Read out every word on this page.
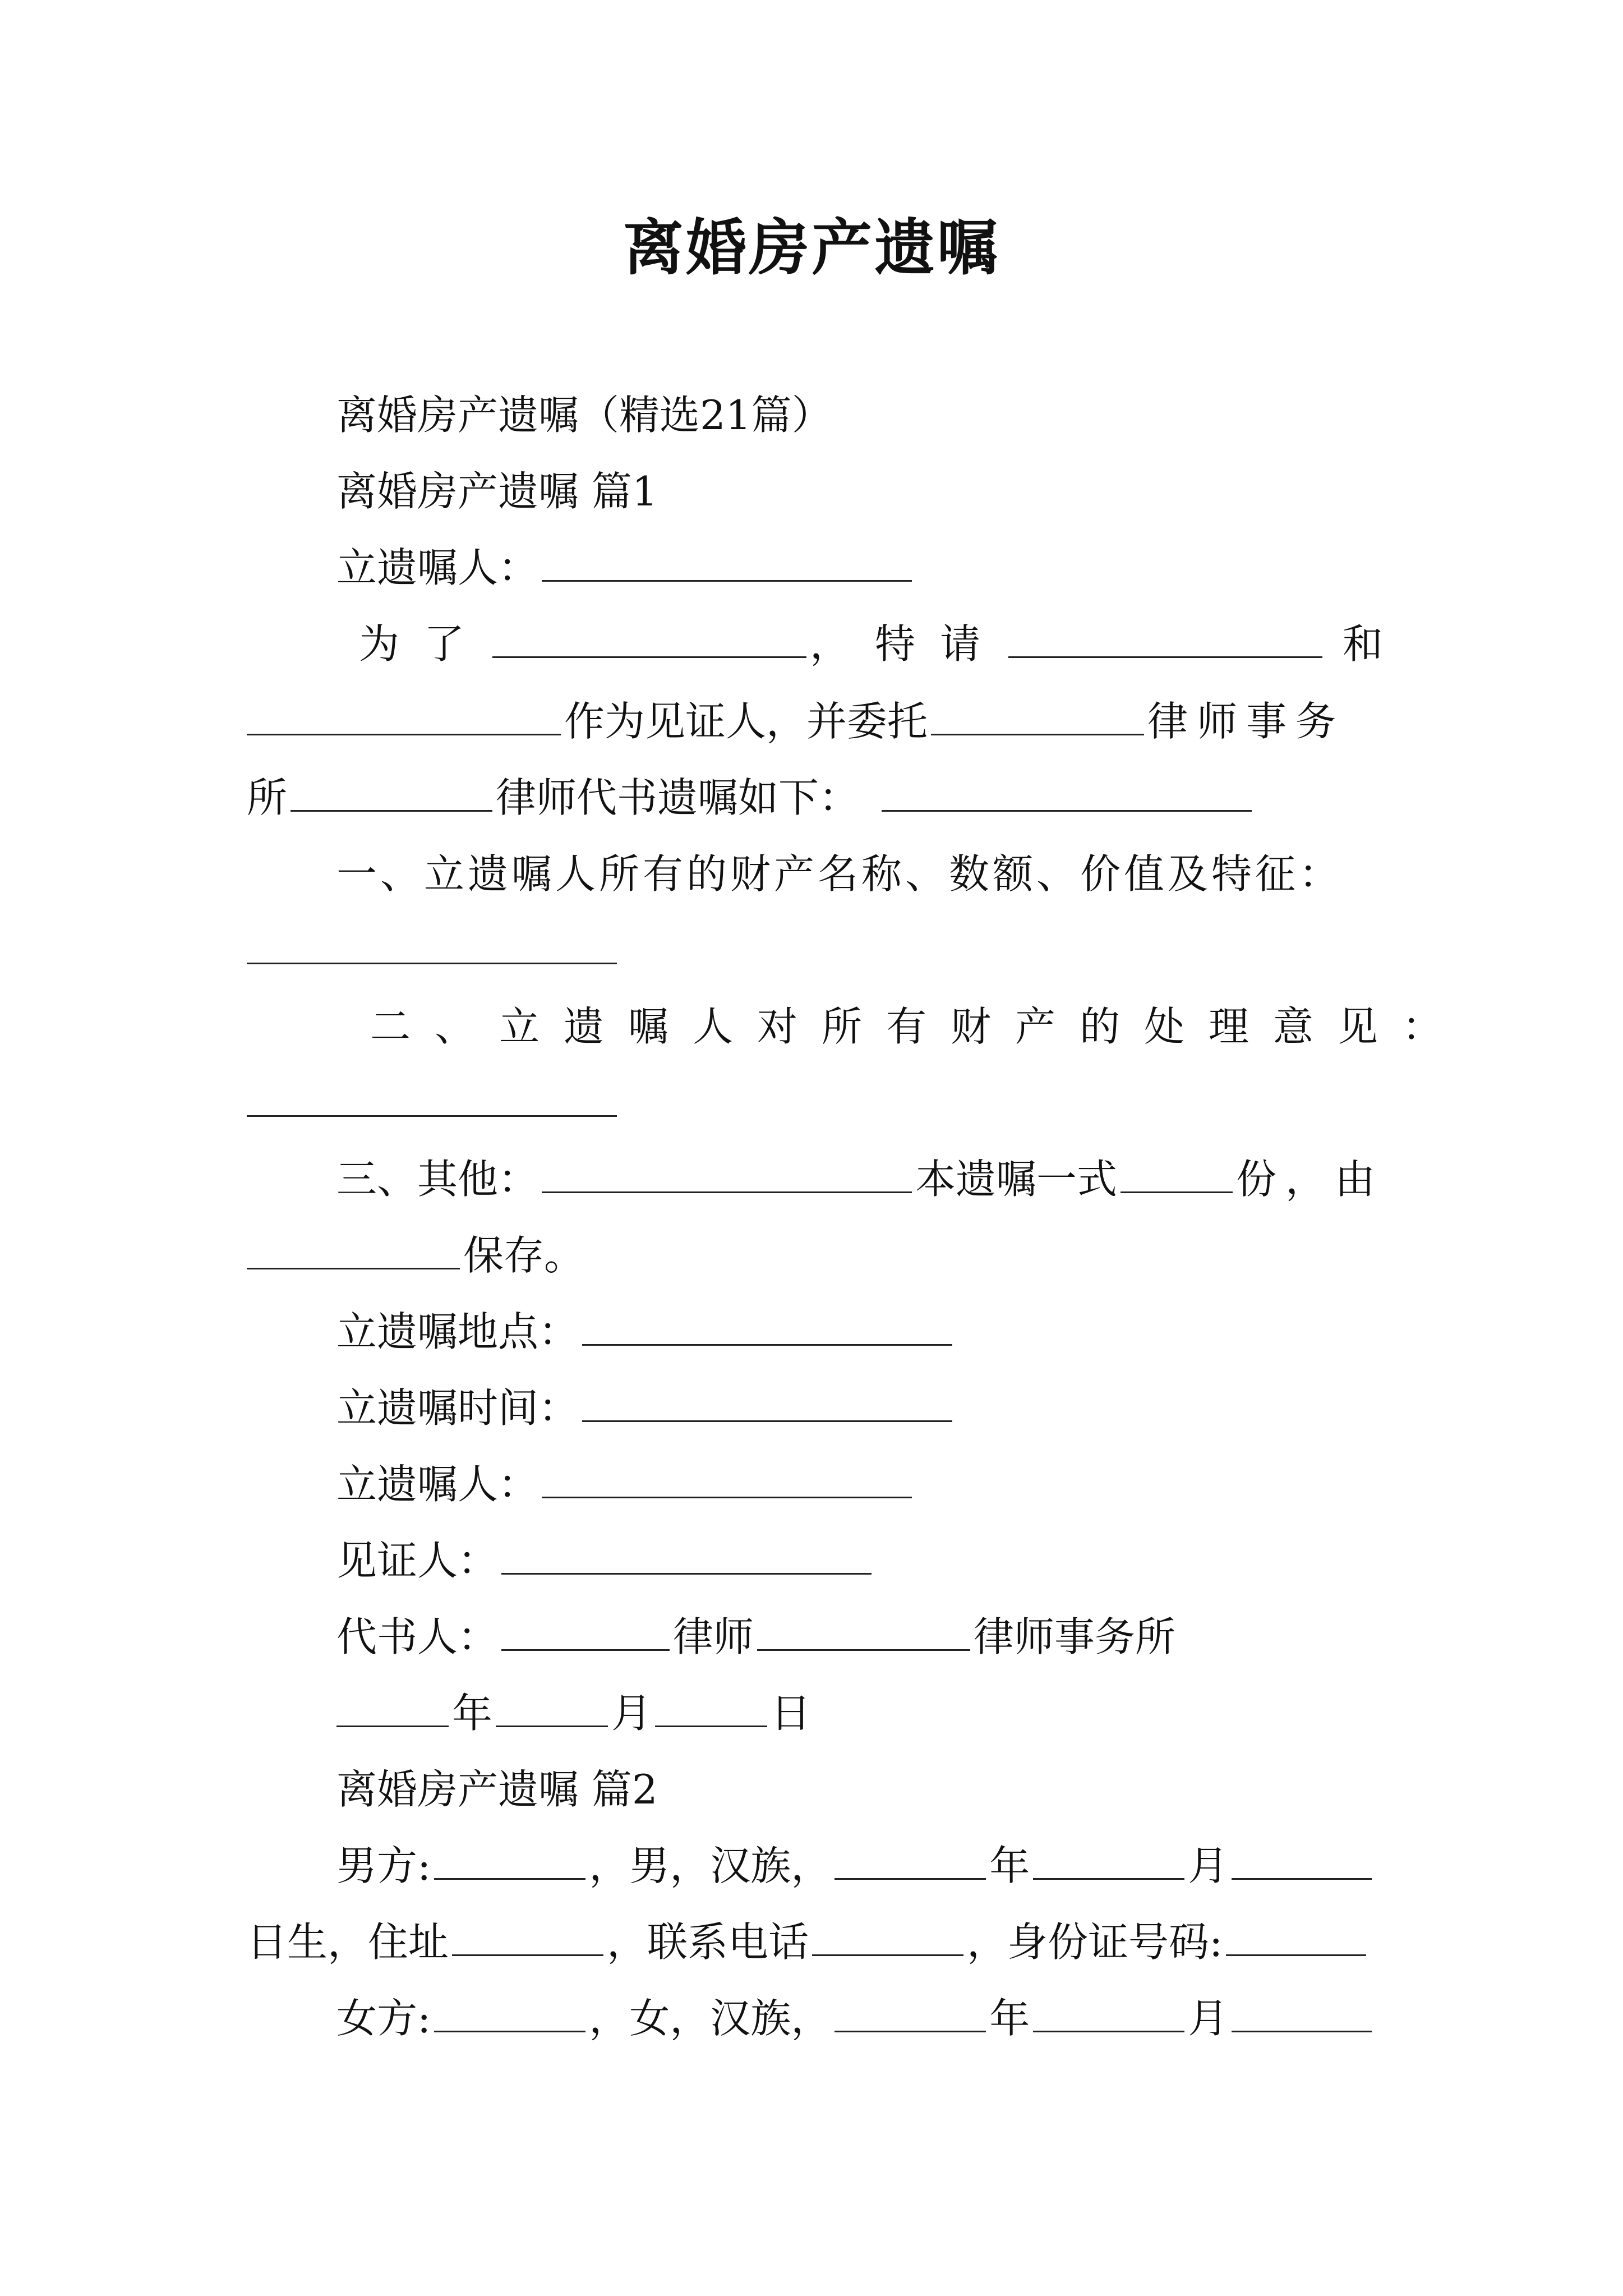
离婚房产遗嘱
离婚房产遗嘱（精选21篇）
离婚房产遗嘱 篇1
立遗嘱人：
为了	，特请	和
作为见证人，并委托	律师事务
所	律师代书遗嘱如下：
一、立遗嘱人所有的财产名称、数额、价值及特征：
二、立遗嘱人对所有财产的处理意见：
三、其他：	本遗嘱一式	份，由
保存。
立遗嘱地点：
立遗嘱时间：
立遗嘱人：
见证人：
代书人：	律师	律师事务所
年	月	日
离婚房产遗嘱 篇2
男方:	，男，汉族，	年	月
日生，住址	，联系电话	，身份证号码:
女方:	，女，汉族，	年	月
